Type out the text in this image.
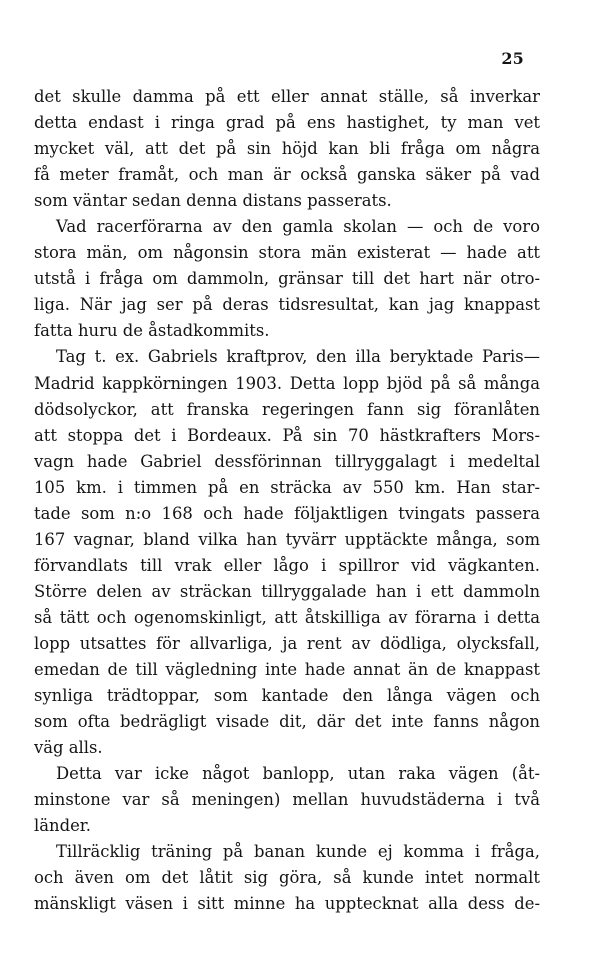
25
det skulle damma på ett eller annat ställe, så inverkar
detta endast i ringa grad på ens hastighet, ty man vet
mycket väl, att det på sin höjd kan bli fråga om några
få meter framåt, och man är också ganska säker på vad
som väntar sedan denna distans passerats.
Vad racerförarna av den gamla skolan — och de voro
stora män, om någonsin stora män existerat — hade att
utstå i fråga om dammoln, gränsar till det hart när otro-
liga. När jag ser på deras tidsresultat, kan jag knappast
fatta huru de åstadkommits.
Tag t. ex. Gabriels kraftprov, den illa beryktade Paris—
Madrid kappkörningen 1903. Detta lopp bjöd på så många
dödsolyckor, att franska regeringen fann sig föranlåten
att stoppa det i Bordeaux. På sin 70 hästkrafters Mors-
vagn hade Gabriel dessförinnan tillryggalagt i medeltal
105 km. i timmen på en sträcka av 550 km. Han star-
tade som n:o 168 och hade följaktligen tvingats passera
167 vagnar, bland vilka han tyvärr upptäckte många, som
förvandlats till vrak eller lågo i spillror vid vägkanten.
Större delen av sträckan tillryggalade han i ett dammoln
så tätt och ogenomskinligt, att åtskilliga av förarna i detta
lopp utsattes för allvarliga, ja rent av dödliga, olycksfall,
emedan de till vägledning inte hade annat än de knappast
synliga trädtoppar, som kantade den långa vägen och
som ofta bedrägligt visade dit, där det inte fanns någon
väg alls.
Detta var icke något banlopp, utan raka vägen (åt-
minstone var så meningen) mellan huvudstäderna i två
länder.
Tillräcklig träning på banan kunde ej komma i fråga,
och även om det låtit sig göra, så kunde intet normalt
mänskligt väsen i sitt minne ha upptecknat alla dess de-
